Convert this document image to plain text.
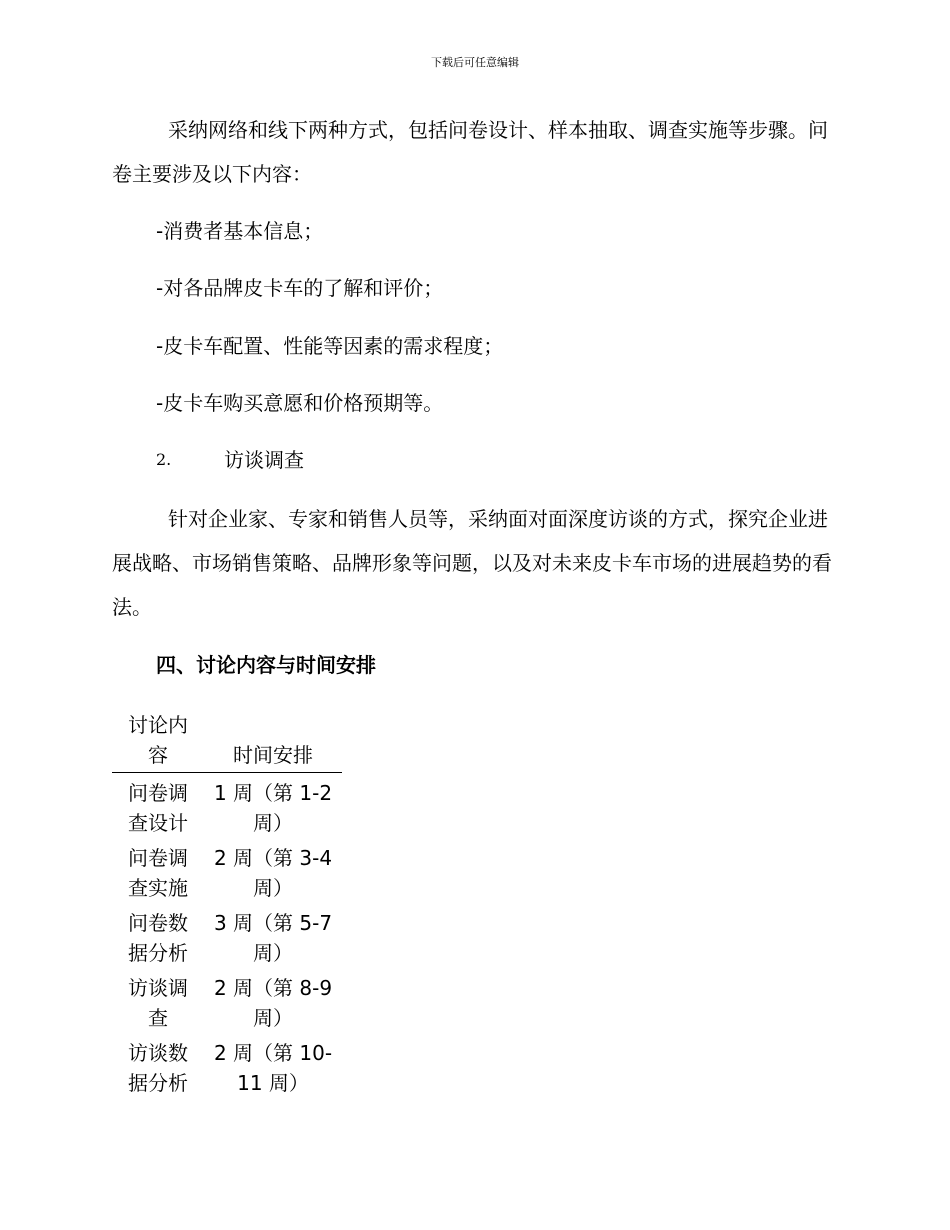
下载后可任意编辑

采纳网络和线下两种方式，包括问卷设计、样本抽取、调查实施等步骤。问卷主要涉及以下内容：

-消费者基本信息；

-对各品牌皮卡车的了解和评价；

-皮卡车配置、性能等因素的需求程度；

-皮卡车购买意愿和价格预期等。

2.	访谈调查

针对企业家、专家和销售人员等，采纳面对面深度访谈的方式，探究企业进展战略、市场销售策略、品牌形象等问题，以及对未来皮卡车市场的进展趋势的看法。

四、讨论内容与时间安排
讨论内容	时间安排
问卷调查设计	1 周（第 1-2 周）
问卷调查实施	2 周（第 3-4 周）
问卷数据分析	3 周（第 5-7 周）
访谈调查	2 周（第 8-9 周）
访谈数据分析	2 周（第 10-11 周）
